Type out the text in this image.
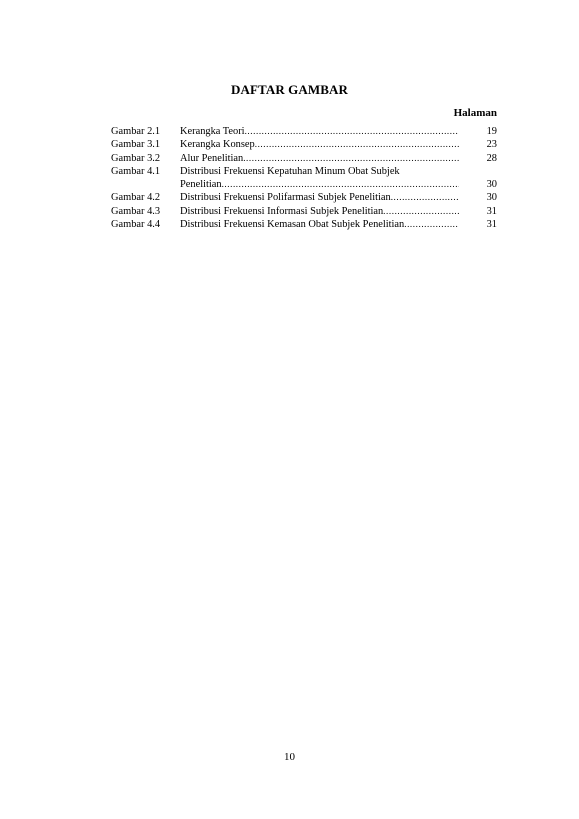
DAFTAR GAMBAR
Halaman
Gambar 2.1	Kerangka Teori .....	19
Gambar 3.1	Kerangka Konsep .....	23
Gambar 3.2	Alur Penelitian .....	28
Gambar 4.1	Distribusi Frekuensi Kepatuhan Minum Obat Subjek
Penelitian .....	30
Gambar 4.2	Distribusi Frekuensi Polifarmasi Subjek Penelitian .....	30
Gambar 4.3	Distribusi Frekuensi Informasi Subjek Penelitian .....	31
Gambar 4.4	Distribusi Frekuensi Kemasan Obat Subjek Penelitian .....	31
10
